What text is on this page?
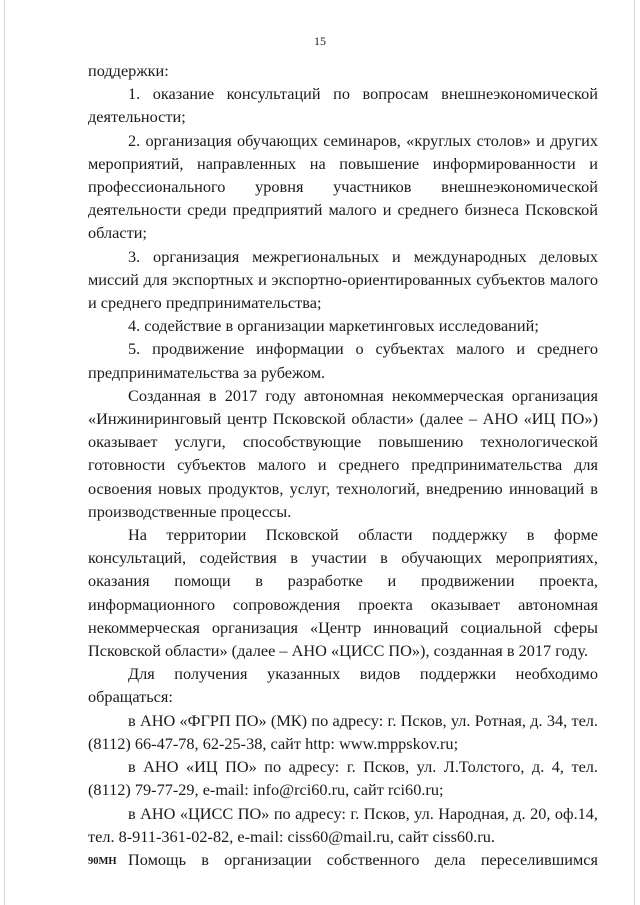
15

поддержки:

1. оказание консультаций по вопросам внешнеэкономической деятельности;

2. организация обучающих семинаров, «круглых столов» и других мероприятий, направленных на повышение информированности и профессионального уровня участников внешнеэкономической деятельности среди предприятий малого и среднего бизнеса Псковской области;

3. организация межрегиональных и международных деловых миссий для экспортных и экспортно-ориентированных субъектов малого и среднего предпринимательства;

4. содействие в организации маркетинговых исследований;

5. продвижение информации о субъектах малого и среднего предпринимательства за рубежом.

Созданная в 2017 году автономная некоммерческая организация «Инжиниринговый центр Псковской области» (далее – АНО «ИЦ ПО») оказывает услуги, способствующие повышению технологической готовности субъектов малого и среднего предпринимательства для освоения новых продуктов, услуг, технологий, внедрению инноваций в производственные процессы.

На территории Псковской области поддержку в форме консультаций, содействия в участии в обучающих мероприятиях, оказания помощи в разработке и продвижении проекта, информационного сопровождения проекта оказывает автономная некоммерческая организация «Центр инноваций социальной сферы Псковской области» (далее – АНО «ЦИСС ПО»), созданная в 2017 году.

Для получения указанных видов поддержки необходимо обращаться:

в АНО «ФГРП ПО» (МК) по адресу: г. Псков, ул. Ротная, д. 34, тел. (8112) 66-47-78, 62-25-38, сайт http: www.mppskov.ru;

в АНО «ИЦ ПО» по адресу: г. Псков, ул. Л.Толстого, д. 4, тел. (8112) 79-77-29, e-mail: info@rci60.ru, сайт rci60.ru;

в АНО «ЦИСС ПО» по адресу: г. Псков, ул. Народная, д. 20, оф.14, тел. 8-911-361-02-82, e-mail: ciss60@mail.ru, сайт ciss60.ru.

Помощь в организации собственного дела переселившимся

90МН
